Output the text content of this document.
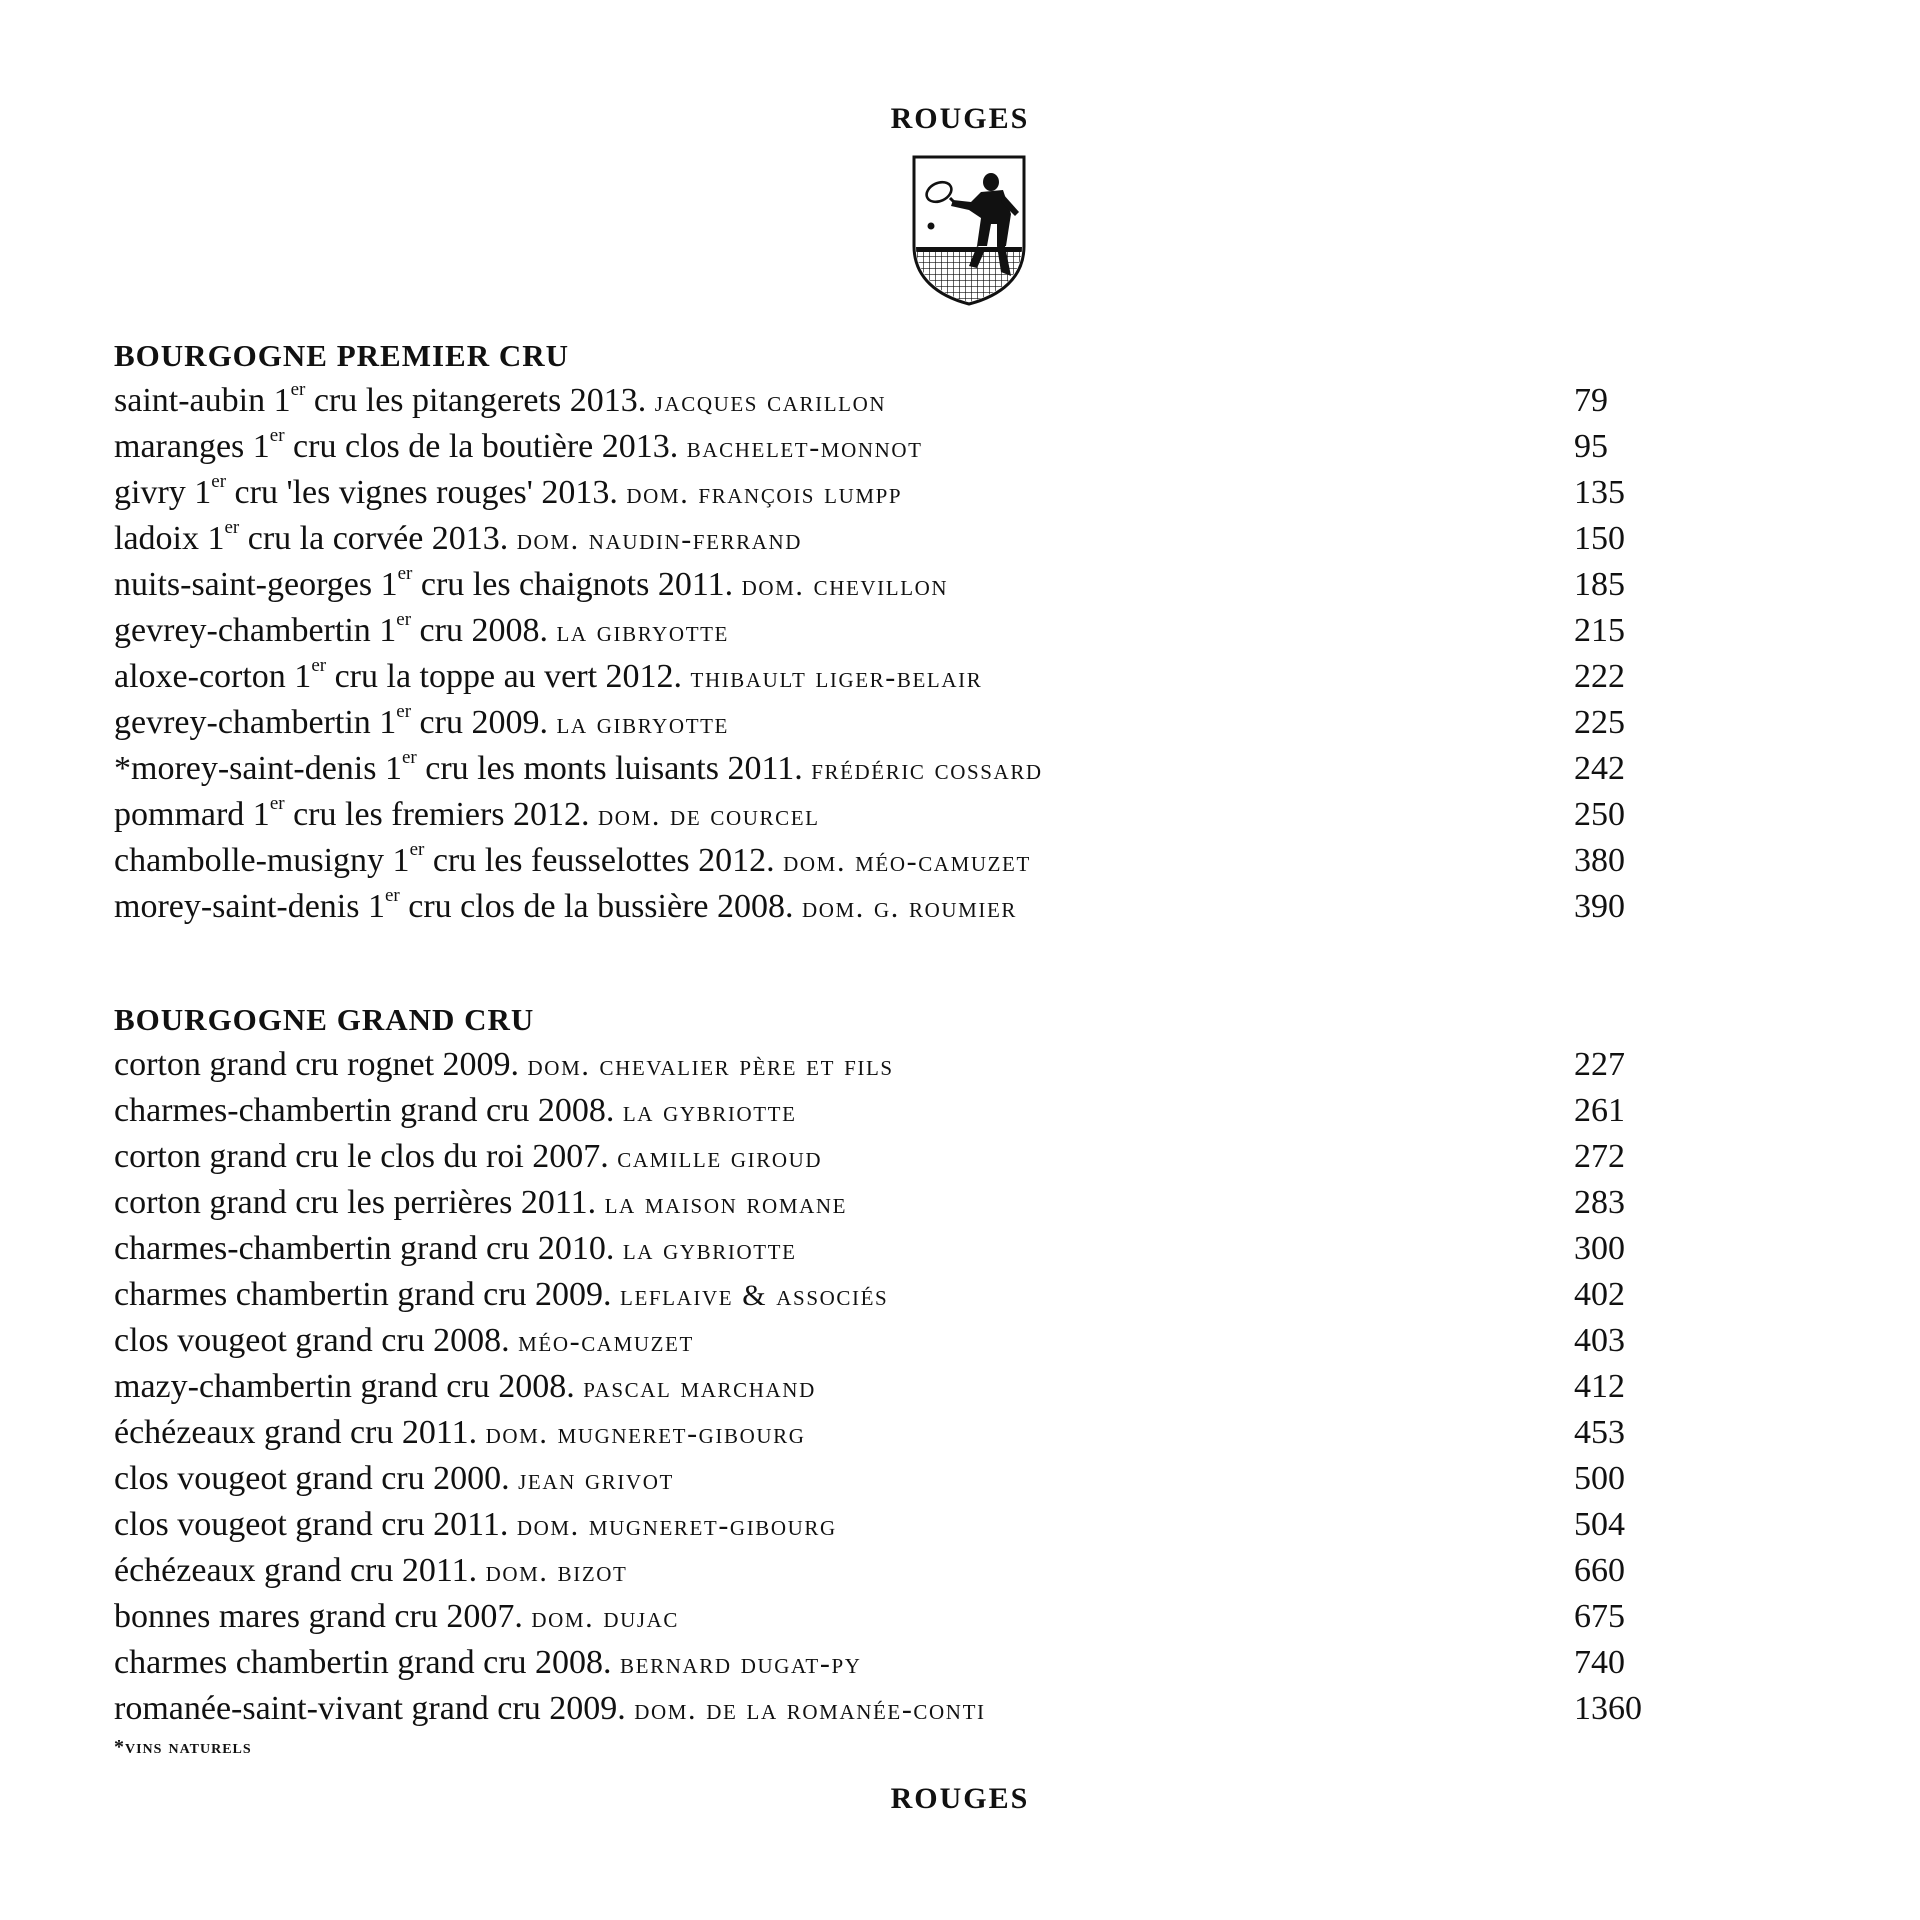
ROUGES
BOURGOGNE PREMIER CRU
saint-aubin 1er cru les pitangerets 2013. jacques carillon	79
maranges 1er cru clos de la boutière 2013. bachelet-monnot	95
givry 1er cru 'les vignes rouges' 2013. dom. françois lumpp	135
ladoix 1er cru la corvée 2013. dom. naudin-ferrand	150
nuits-saint-georges 1er cru les chaignots 2011. dom. chevillon	185
gevrey-chambertin 1er cru 2008. la gibryotte	215
aloxe-corton 1er cru la toppe au vert 2012. thibault liger-belair	222
gevrey-chambertin 1er cru 2009. la gibryotte	225
*morey-saint-denis 1er cru les monts luisants 2011. frédéric cossard	242
pommard 1er cru les fremiers 2012. dom. de courcel	250
chambolle-musigny 1er cru les feusselottes 2012. dom. méo-camuzet	380
morey-saint-denis 1er cru clos de la bussière 2008. dom. g. roumier	390
BOURGOGNE GRAND CRU
corton grand cru rognet 2009. dom. chevalier père et fils	227
charmes-chambertin grand cru 2008. la gybriotte	261
corton grand cru le clos du roi 2007. camille giroud	272
corton grand cru les perrières 2011. la maison romane	283
charmes-chambertin grand cru 2010. la gybriotte	300
charmes chambertin grand cru 2009. leflaive & associés	402
clos vougeot grand cru 2008. méo-camuzet	403
mazy-chambertin grand cru 2008. pascal marchand	412
échézeaux grand cru 2011. dom. mugneret-gibourg	453
clos vougeot grand cru 2000. jean grivot	500
clos vougeot grand cru 2011. dom. mugneret-gibourg	504
échézeaux grand cru 2011. dom. bizot	660
bonnes mares grand cru 2007. dom. dujac	675
charmes chambertin grand cru 2008. bernard dugat-py	740
romanée-saint-vivant grand cru 2009. dom. de la romanée-conti	1360
*vins naturels
ROUGES
